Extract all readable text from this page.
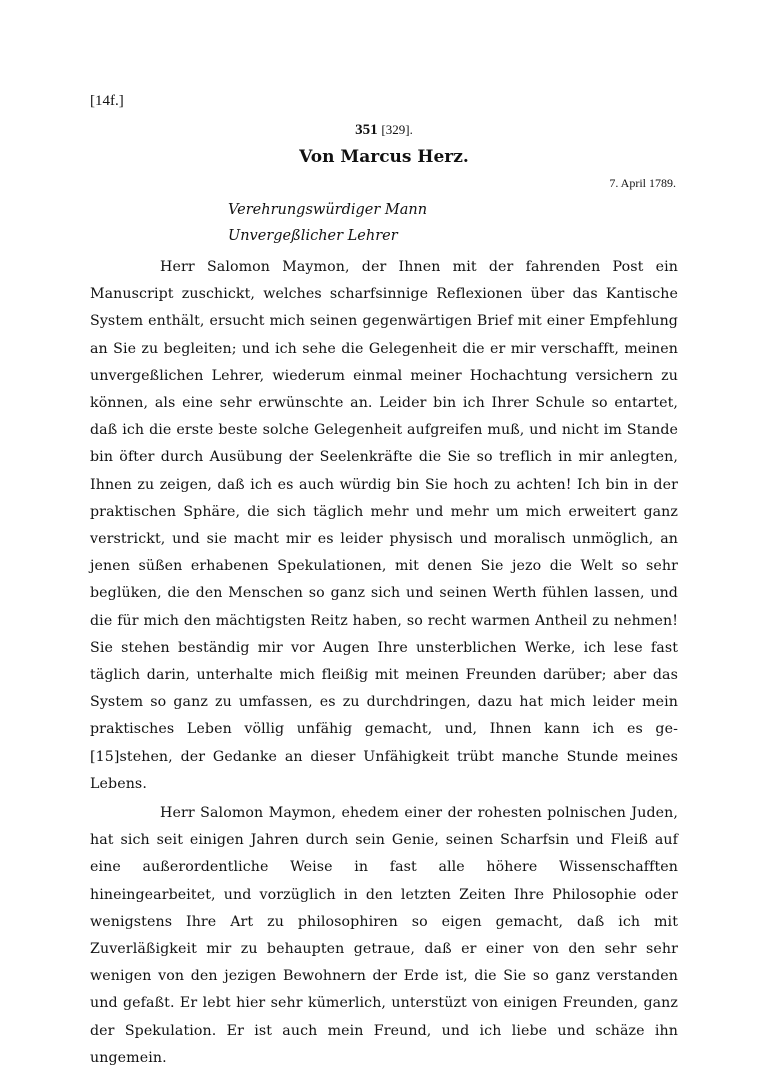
[14f.]
351 [329].
Von Marcus Herz.
7. April 1789.
Verehrungswürdiger Mann
Unvergeßlicher Lehrer

Herr Salomon Maymon, der Ihnen mit der fahrenden Post ein Manuscript zuschickt, welches scharfsinnige Reflexionen über das Kantische System enthält, ersucht mich seinen gegenwärtigen Brief mit einer Empfehlung an Sie zu begleiten; und ich sehe die Gelegenheit die er mir verschafft, meinen unvergeßlichen Lehrer, wiederum einmal meiner Hochachtung versichern zu können, als eine sehr erwünschte an. Leider bin ich Ihrer Schule so entartet, daß ich die erste beste solche Gelegenheit aufgreifen muß, und nicht im Stande bin öfter durch Ausübung der Seelenkräfte die Sie so treflich in mir anlegten, Ihnen zu zeigen, daß ich es auch würdig bin Sie hoch zu achten! Ich bin in der praktischen Sphäre, die sich täglich mehr und mehr um mich erweitert ganz verstrickt, und sie macht mir es leider physisch und moralisch unmöglich, an jenen süßen erhabenen Spekulationen, mit denen Sie jezo die Welt so sehr beglüken, die den Menschen so ganz sich und seinen Werth fühlen lassen, und die für mich den mächtigsten Reitz haben, so recht warmen Antheil zu nehmen! Sie stehen beständig mir vor Augen Ihre unsterblichen Werke, ich lese fast täglich darin, unterhalte mich fleißig mit meinen Freunden darüber; aber das System so ganz zu umfassen, es zu durchdringen, dazu hat mich leider mein praktisches Leben völlig unfähig gemacht, und, Ihnen kann ich es ge-[15]stehen, der Gedanke an dieser Unfähigkeit trübt manche Stunde meines Lebens.

Herr Salomon Maymon, ehedem einer der rohesten polnischen Juden, hat sich seit einigen Jahren durch sein Genie, seinen Scharfsin und Fleiß auf eine außerordentliche Weise in fast alle höhere Wissenschafften hineingearbeitet, und vorzüglich in den letzten Zeiten Ihre Philosophie oder wenigstens Ihre Art zu philosophiren so eigen gemacht, daß ich mit Zuverläßigkeit mir zu behaupten getraue, daß er einer von den sehr sehr wenigen von den jezigen Bewohnern der Erde ist, die Sie so ganz verstanden und gefaßt. Er lebt hier sehr kümerlich, unterstüzt von einigen Freunden, ganz der Spekulation. Er ist auch mein Freund, und ich liebe und schäze ihn ungemein.
